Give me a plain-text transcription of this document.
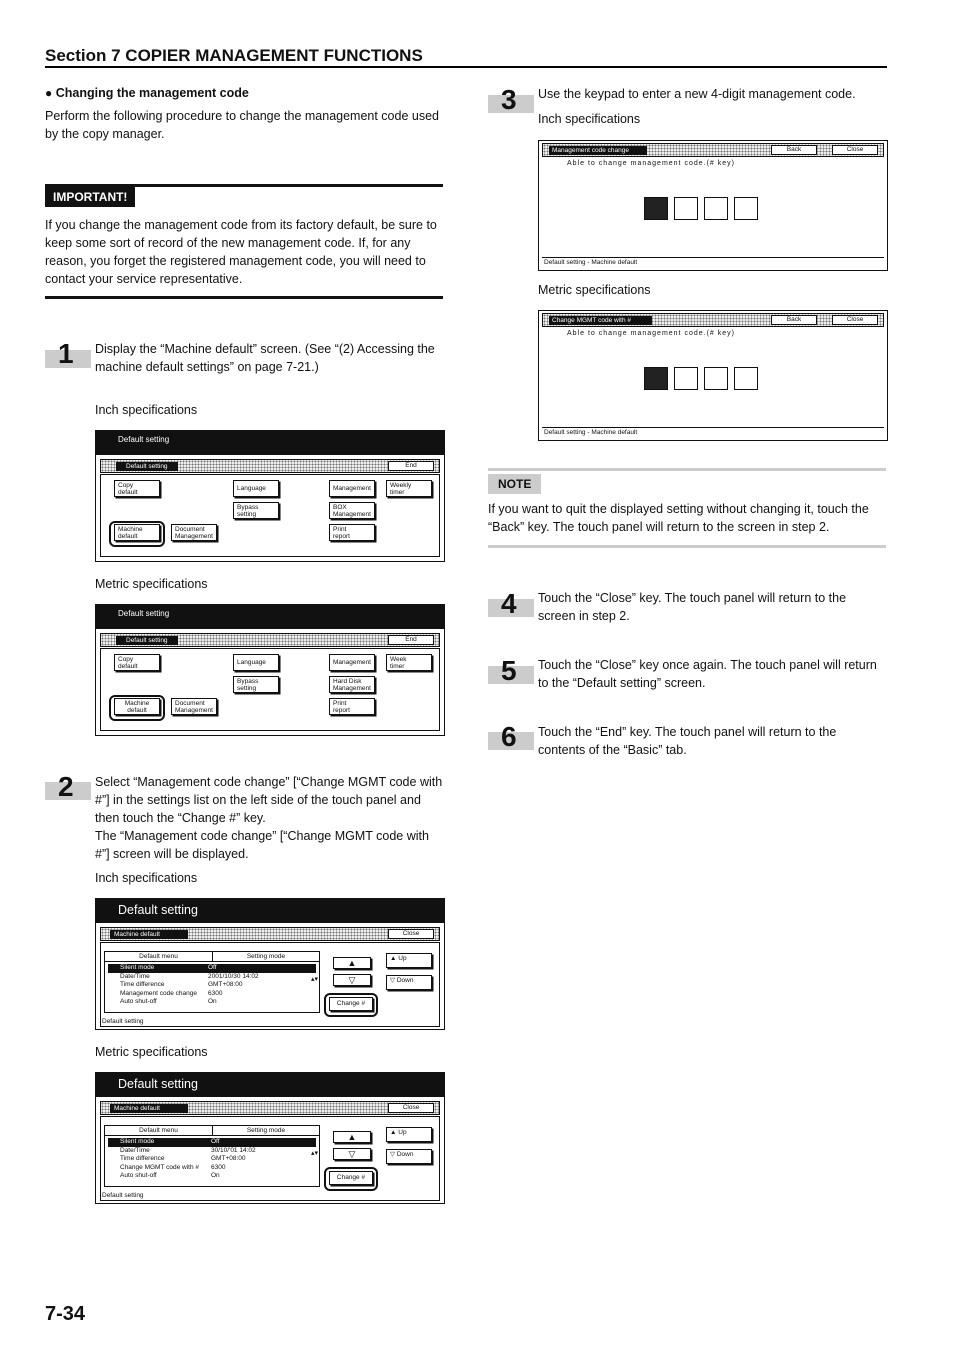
Section 7 COPIER MANAGEMENT FUNCTIONS
● Changing the management code
Perform the following procedure to change the management code used by the copy manager.
IMPORTANT!
If you change the management code from its factory default, be sure to keep some sort of record of the new management code. If, for any reason, you forget the registered management code, you will need to contact your service representative.
1 Display the “Machine default” screen. (See “(2) Accessing the machine default settings” on page 7-21.)
Inch specifications
Default setting
Default setting	End
Copy
default
Language	Management	Weekly
timer
Bypass
setting
BOX
Management
Machine
default
Document
Management
Print
report
Metric specifications
Default setting
Default setting	End
Copy
default
Language	Management	Week
timer
Bypass
setting
Hard Disk
Management
Machine
default
Document
Management
Print
report
2 Select “Management code change” [“Change MGMT code with #”] in the settings list on the left side of the touch panel and then touch the “Change #” key.
The “Management code change” [“Change MGMT code with #”] screen will be displayed.
Inch specifications
Default setting
Machine default	Close
Default menu	Setting mode
Silent mode	Off
Date/Time	2001/10/30 14:02
Time difference	GMT+08:00
Management code change	6300
Auto shut-off	On
▴▾
▲
▽
▲ Up
▽ Down
Change #
Default setting
Metric specifications
Default setting
Machine default	Close
Default menu	Setting mode
Silent mode	Off
Date/Time	30/10/'01 14:02
Time difference	GMT+08:00
Change MGMT code with #	6300
Auto shut-off	On
▴▾
▲
▽
▲ Up
▽ Down
Change #
Default setting
3 Use the keypad to enter a new 4-digit management code.
Inch specifications
Management code change	Back	Close
Able to change management code.(# key)
Default setting - Machine default
Metric specifications
Change MGMT code with #	Back	Close
Able to change management code.(# key)
Default setting - Machine default
NOTE
If you want to quit the displayed setting without changing it, touch the “Back” key. The touch panel will return to the screen in step 2.
4 Touch the “Close” key. The touch panel will return to the screen in step 2.
5 Touch the “Close” key once again. The touch panel will return to the “Default setting” screen.
6 Touch the “End” key. The touch panel will return to the contents of the “Basic” tab.
7-34
